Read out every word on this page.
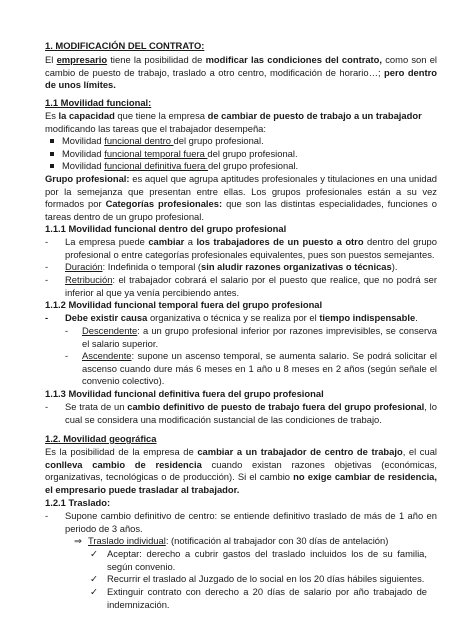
1. MODIFICACIÓN DEL CONTRATO:

El empresario tiene la posibilidad de modificar las condiciones del contrato, como son el cambio de puesto de trabajo, traslado a otro centro, modificación de horario…; pero dentro de unos límites.

1.1 Movilidad funcional:

Es la capacidad que tiene la empresa de cambiar de puesto de trabajo a un trabajador modificando las tareas que el trabajador desempeña:

Movilidad funcional dentro del grupo profesional.
Movilidad funcional temporal fuera del grupo profesional.
Movilidad funcional definitiva fuera del grupo profesional.

Grupo profesional: es aquel que agrupa aptitudes profesionales y titulaciones en una unidad por la semejanza que presentan entre ellas. Los grupos profesionales están a su vez formados por Categorías profesionales: que son las distintas especialidades, funciones o tareas dentro de un grupo profesional.

1.1.1 Movilidad funcional dentro del grupo profesional
- La empresa puede cambiar a los trabajadores de un puesto a otro dentro del grupo profesional o entre categorías profesionales equivalentes, pues son puestos semejantes.
- Duración: Indefinida o temporal (sin aludir razones organizativas o técnicas).
- Retribución: el trabajador cobrará el salario por el puesto que realice, que no podrá ser inferior al que ya venía percibiendo antes.
1.1.2 Movilidad funcional temporal fuera del grupo profesional
- Debe existir causa organizativa o técnica y se realiza por el tiempo indispensable.
- Descendente: a un grupo profesional inferior por razones imprevisibles, se conserva el salario superior.
- Ascendente: supone un ascenso temporal, se aumenta salario. Se podrá solicitar el ascenso cuando dure más 6 meses en 1 año u 8 meses en 2 años (según señale el convenio colectivo).
1.1.3 Movilidad funcional definitiva fuera del grupo profesional
- Se trata de un cambio definitivo de puesto de trabajo fuera del grupo profesional, lo cual se considera una modificación sustancial de las condiciones de trabajo.
1.2. Movilidad geográfica

Es la posibilidad de la empresa de cambiar a un trabajador de centro de trabajo, el cual conlleva cambio de residencia cuando existan razones objetivas (económicas, organizativas, tecnológicas o de producción). Si el cambio no exige cambiar de residencia, el empresario puede trasladar al trabajador.

1.2.1 Traslado:
- Supone cambio definitivo de centro: se entiende definitivo traslado de más de 1 año en periodo de 3 años.
⇒ Traslado individual: (notificación al trabajador con 30 días de antelación)
✓ Aceptar: derecho a cubrir gastos del traslado incluidos los de su familia, según convenio.
✓ Recurrir el traslado al Juzgado de lo social en los 20 días hábiles siguientes.
✓ Extinguir contrato con derecho a 20 días de salario por año trabajado de indemnización.
